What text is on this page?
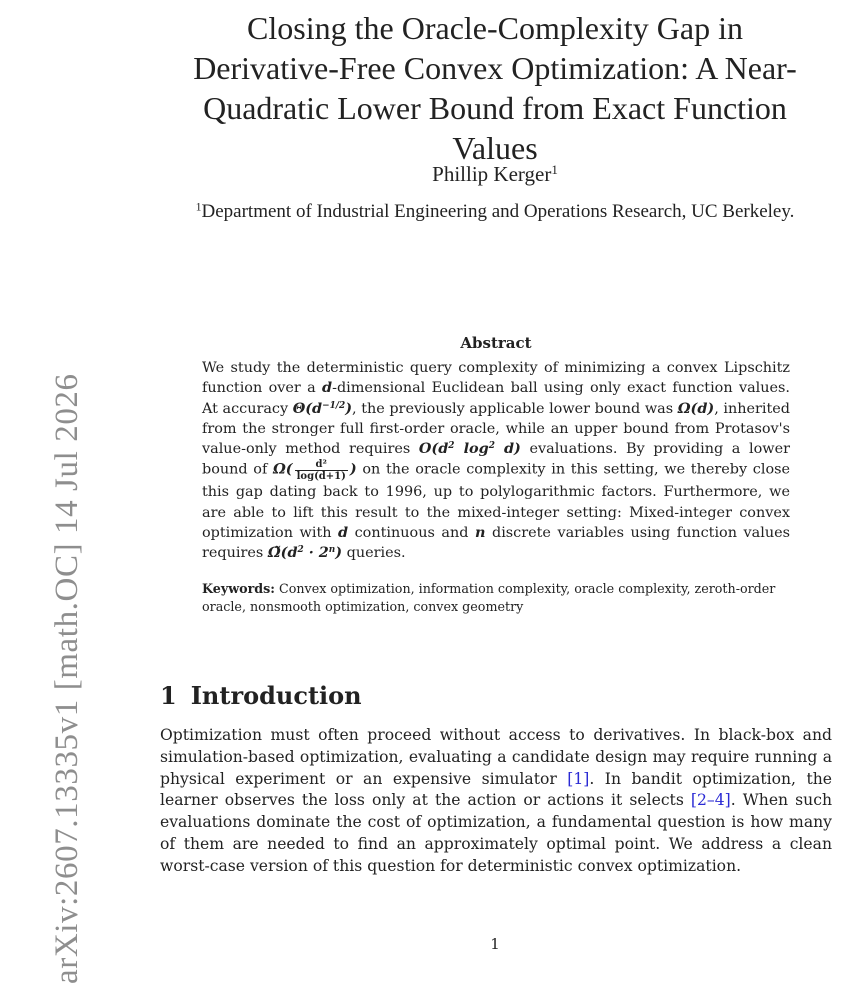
arXiv:2607.13335v1 [math.OC] 14 Jul 2026
Closing the Oracle-Complexity Gap in Derivative-Free Convex Optimization: A Near-Quadratic Lower Bound from Exact Function Values
Phillip Kerger$^1$
$^1$Department of Industrial Engineering and Operations Research, UC Berkeley.
Abstract
We study the deterministic query complexity of minimizing a convex Lipschitz function over a d-dimensional Euclidean ball using only exact function values. At accuracy $\Theta(d^{-1/2})$, the previously applicable lower bound was Ω(d), inherited from the stronger full first-order oracle, while an upper bound from Protasov's value-only method requires $O(d^2$ $\log^2 d$) evaluations. By providing a lower bound of $\Omega( \frac{\text{d²}}{\log(d+1)}$ ) on the oracle complexity in this setting, we thereby close this gap dating back to 1996, up to polylogarithmic factors. Furthermore, we are able to lift this result to the mixed-integer setting: Mixed-integer convex optimization with d continuous and n discrete variables using function values requires $\Omegã(d^2 \cdot 2^n)$ queries.
Keywords: Convex optimization, information complexity, oracle complexity, zeroth-order oracle, nonsmooth optimization, convex geometry
1 Introduction
Optimization must often proceed without access to derivatives. In black-box and simulation-based optimization, evaluating a candidate design may require running a physical experiment or an expensive simulator [1]. In bandit optimization, the learner observes the loss only at the action or actions it selects [2–4]. When such evaluations dominate the cost of optimization, a fundamental question is how many of them are needed to find an approximately optimal point. We address a clean worst-case version of this question for deterministic convex optimization.
1
